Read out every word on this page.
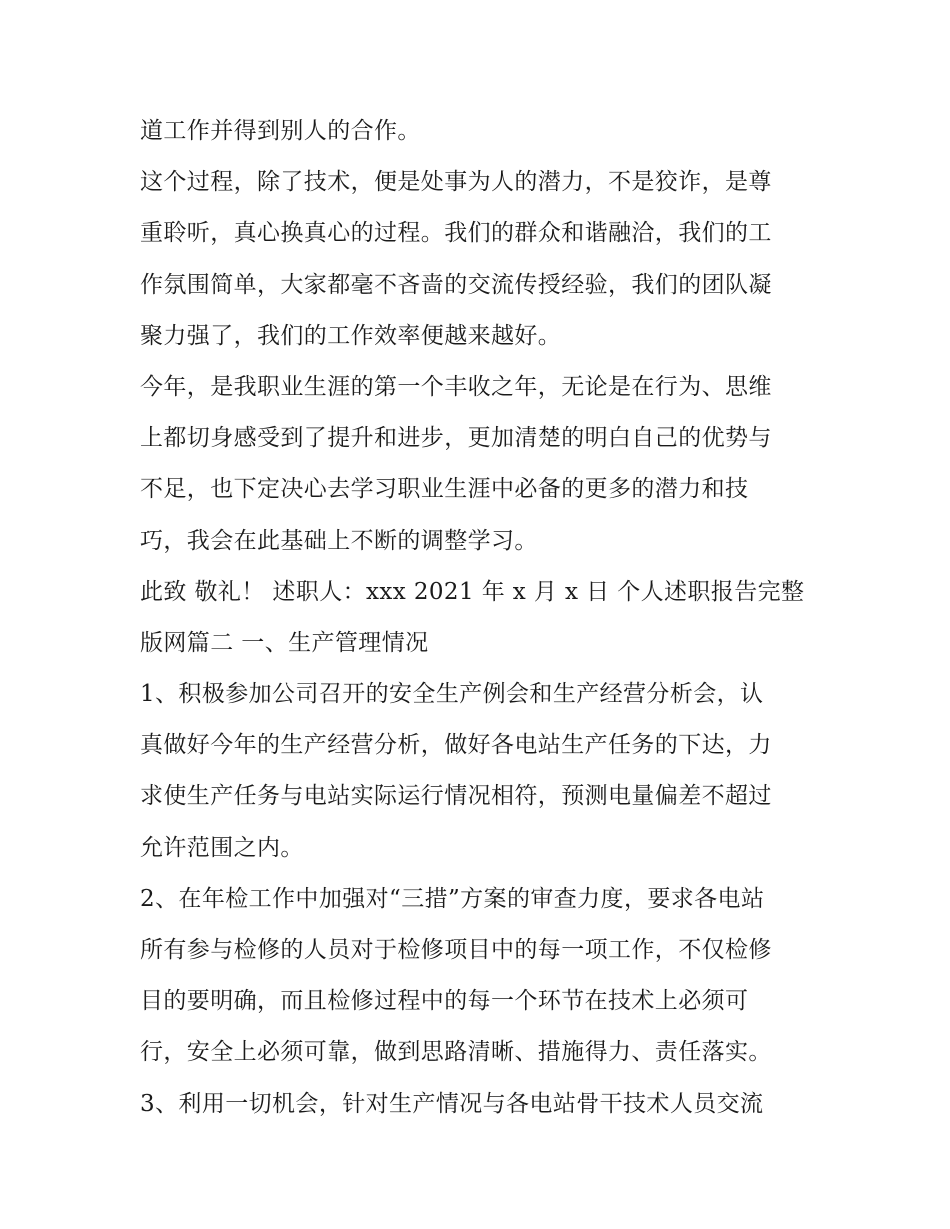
道工作并得到别人的合作。
这个过程，除了技术，便是处事为人的潜力，不是狡诈，是尊
重聆听，真心换真心的过程。我们的群众和谐融洽，我们的工
作氛围简单，大家都毫不吝啬的交流传授经验，我们的团队凝
聚力强了，我们的工作效率便越来越好。
今年，是我职业生涯的第一个丰收之年，无论是在行为、思维
上都切身感受到了提升和进步，更加清楚的明白自己的优势与
不足，也下定决心去学习职业生涯中必备的更多的潜力和技
巧，我会在此基础上不断的调整学习。
此致 敬礼！ 述职人：xxx 2021 年 x 月 x 日 个人述职报告完整
版网篇二 一、生产管理情况
1、积极参加公司召开的安全生产例会和生产经营分析会，认
真做好今年的生产经营分析，做好各电站生产任务的下达，力
求使生产任务与电站实际运行情况相符，预测电量偏差不超过
允许范围之内。
2、在年检工作中加强对“三措”方案的审查力度，要求各电站
所有参与检修的人员对于检修项目中的每一项工作，不仅检修
目的要明确，而且检修过程中的每一个环节在技术上必须可
行，安全上必须可靠，做到思路清晰、措施得力、责任落实。
3、利用一切机会，针对生产情况与各电站骨干技术人员交流
